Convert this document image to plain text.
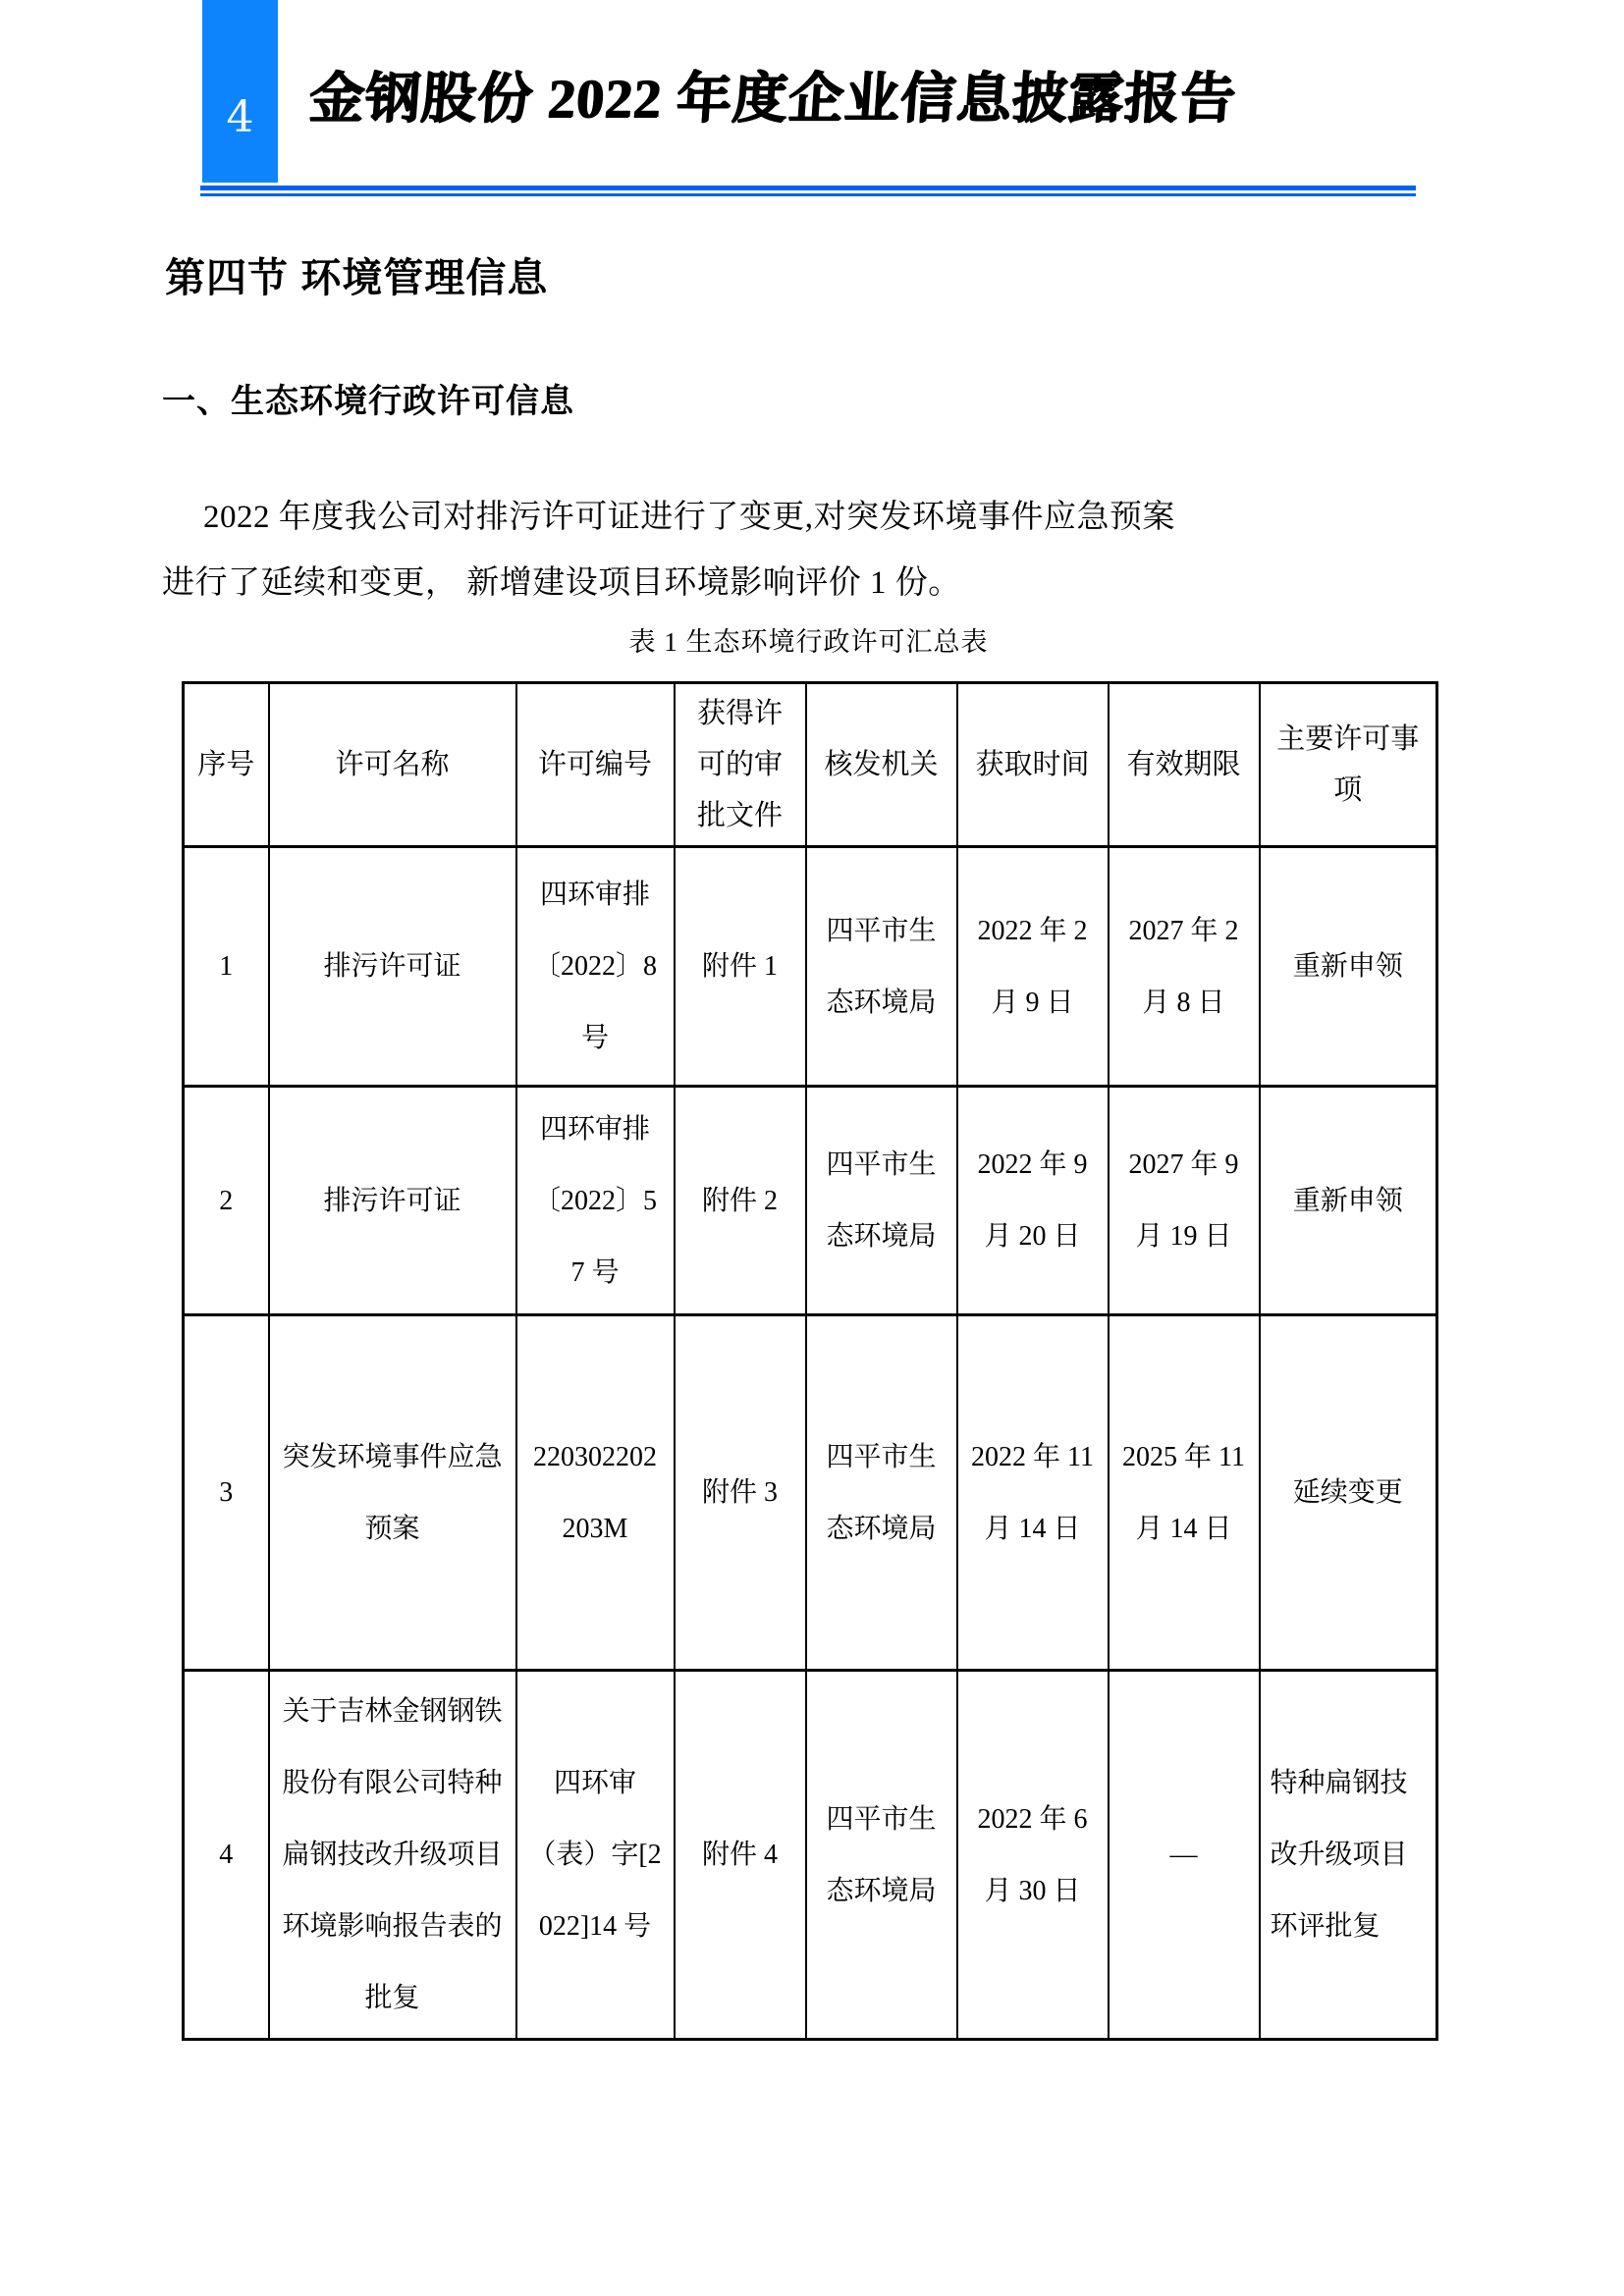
4 金钢股份 2022 年度企业信息披露报告
第四节 环境管理信息
一、生态环境行政许可信息
2022 年度我公司对排污许可证进行了变更,对突发环境事件应急预案
进行了延续和变更， 新增建设项目环境影响评价 1 份。
表 1 生态环境行政许可汇总表
序号	许可名称	许可编号	获得许可的审批文件	核发机关	获取时间	有效期限	主要许可事项
1	排污许可证	四环审排〔2022〕8 号	附件 1	四平市生态环境局	2022 年 2 月 9 日	2027 年 2 月 8 日	重新申领
2	排污许可证	四环审排〔2022〕57 号	附件 2	四平市生态环境局	2022 年 9 月 20 日	2027 年 9 月 19 日	重新申领
3	突发环境事件应急预案	220302202203M	附件 3	四平市生态环境局	2022 年 11 月 14 日	2025 年 11 月 14 日	延续变更
4	关于吉林金钢钢铁股份有限公司特种扁钢技改升级项目环境影响报告表的批复	四环审（表）字[2022]14 号	附件 4	四平市生态环境局	2022 年 6 月 30 日	—	特种扁钢技改升级项目环评批复
